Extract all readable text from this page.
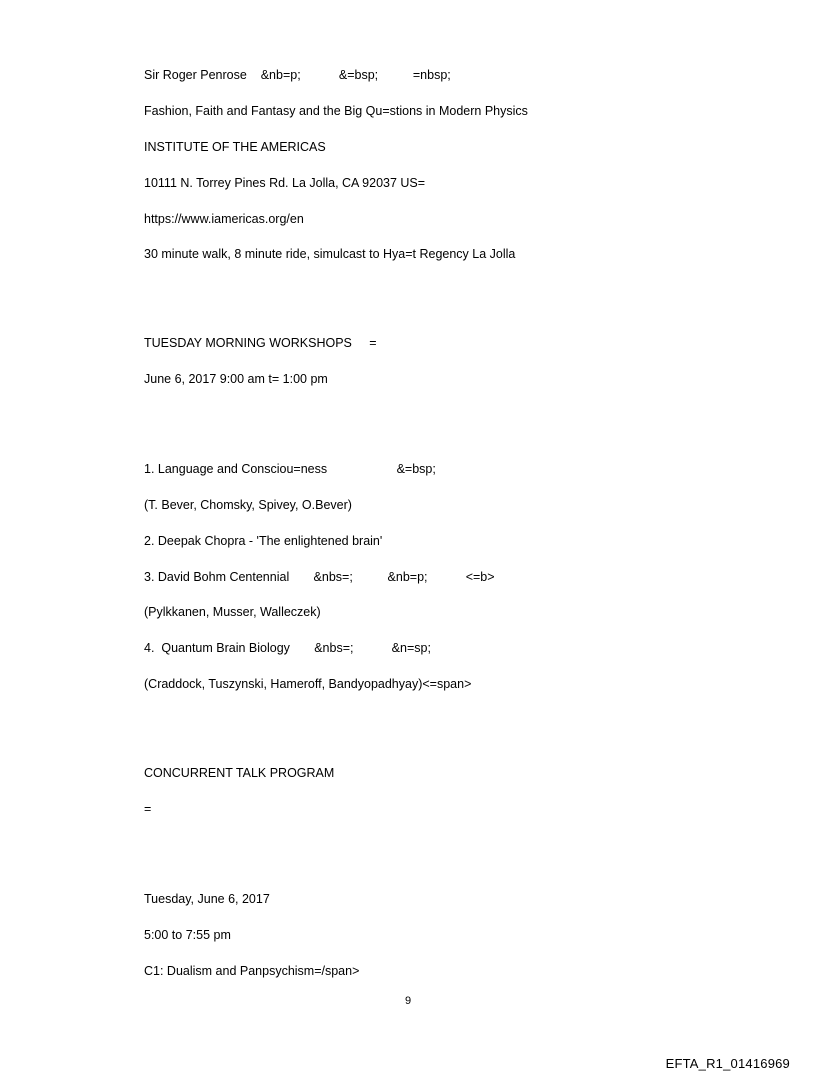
Sir Roger Penrose    &nb=p;           &=bsp;          =nbsp;
Fashion, Faith and Fantasy and the Big Qu=stions in Modern Physics
INSTITUTE OF THE AMERICAS
10111 N. Torrey Pines Rd. La Jolla, CA 92037 US=
https://www.iamericas.org/en
30 minute walk, 8 minute ride, simulcast to Hya=t Regency La Jolla
TUESDAY MORNING WORKSHOPS     =
June 6, 2017 9:00 am t= 1:00 pm
1. Language and Consciou=ness                    &=bsp;
(T. Bever, Chomsky, Spivey, O.Bever)
2. Deepak Chopra - 'The enlightened brain'
3. David Bohm Centennial       &nbs=;          &nb=p;           <=b>
(Pylkkanen, Musser, Walleczek)
4.  Quantum Brain Biology       &nbs=;           &n=sp;
(Craddock, Tuszynski, Hameroff, Bandyopadhyay)<=span>
CONCURRENT TALK PROGRAM
=
Tuesday, June 6, 2017
5:00 to 7:55 pm
C1: Dualism and Panpsychism=/span>
9
EFTA_R1_01416969
